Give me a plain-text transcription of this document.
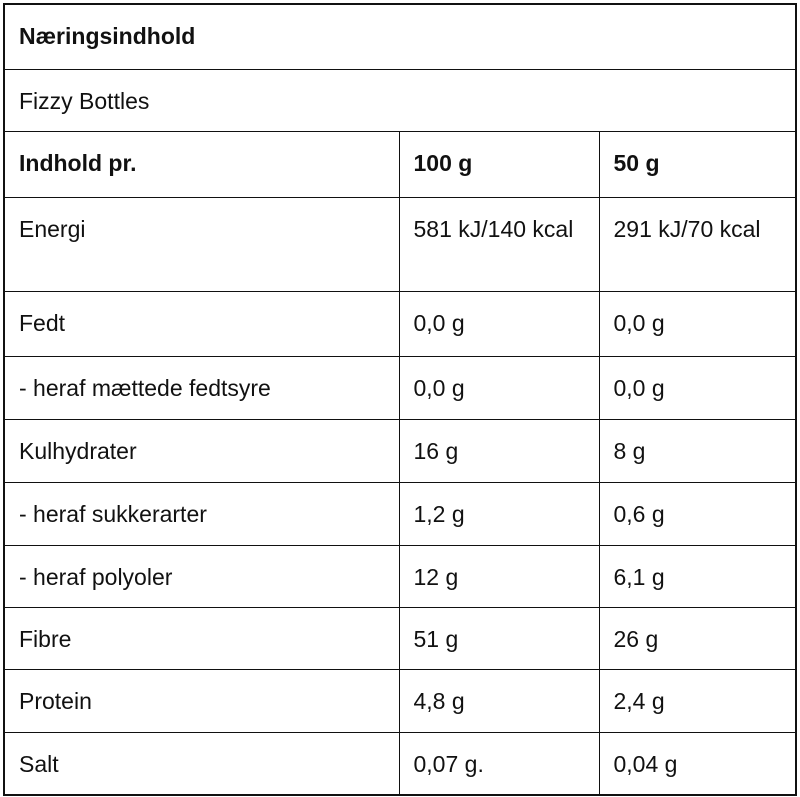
Næringsindhold		
Fizzy Bottles		
Indhold pr.	100 g	50 g
Energi	581 kJ/140 kcal	291 kJ/70 kcal
Fedt	0,0 g	0,0 g
- heraf mættede fedtsyre	0,0 g	0,0 g
Kulhydrater	16 g	8 g
- heraf sukkerarter	1,2 g	0,6 g
- heraf polyoler	12 g	6,1 g
Fibre	51 g	26 g
Protein	4,8 g	2,4 g
Salt	0,07 g.	0,04 g
